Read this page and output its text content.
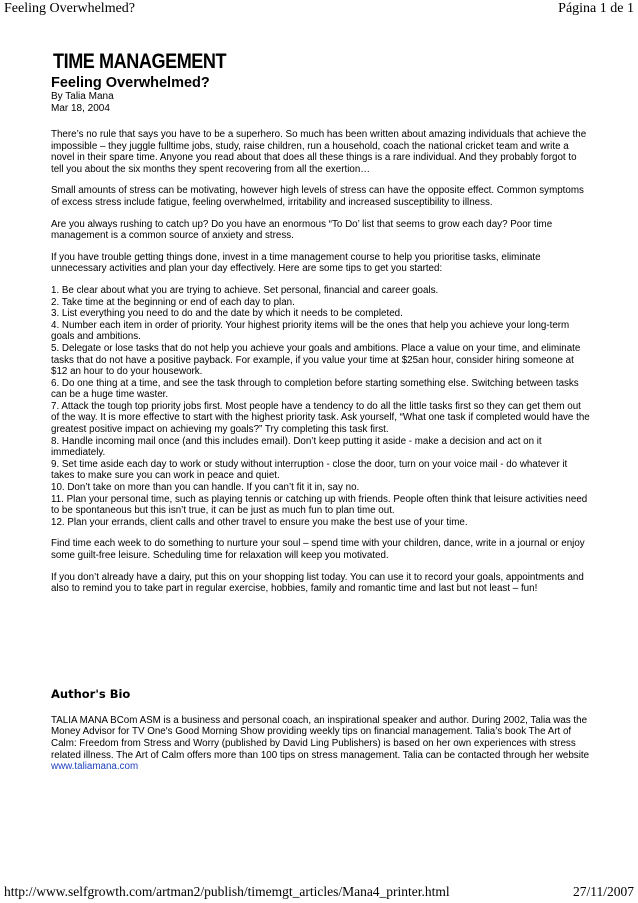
Feeling Overwhelmed?	Página 1 de 1
TIME MANAGEMENT
Feeling Overwhelmed?
By Talia Mana
Mar 18, 2004

There’s no rule that says you have to be a superhero. So much has been written about amazing individuals that achieve the impossible – they juggle fulltime jobs, study, raise children, run a household, coach the national cricket team and write a novel in their spare time. Anyone you read about that does all these things is a rare individual. And they probably forgot to tell you about the six months they spent recovering from all the exertion…

Small amounts of stress can be motivating, however high levels of stress can have the opposite effect. Common symptoms of excess stress include fatigue, feeling overwhelmed, irritability and increased susceptibility to illness.

Are you always rushing to catch up? Do you have an enormous “To Do’ list that seems to grow each day? Poor time management is a common source of anxiety and stress.

If you have trouble getting things done, invest in a time management course to help you prioritise tasks, eliminate unnecessary activities and plan your day effectively. Here are some tips to get you started:

1. Be clear about what you are trying to achieve. Set personal, financial and career goals.
2. Take time at the beginning or end of each day to plan.
3. List everything you need to do and the date by which it needs to be completed.
4. Number each item in order of priority. Your highest priority items will be the ones that help you achieve your long-term goals and ambitions.
5. Delegate or lose tasks that do not help you achieve your goals and ambitions. Place a value on your time, and eliminate tasks that do not have a positive payback. For example, if you value your time at $25an hour, consider hiring someone at $12 an hour to do your housework.
6. Do one thing at a time, and see the task through to completion before starting something else. Switching between tasks can be a huge time waster.
7. Attack the tough top priority jobs first. Most people have a tendency to do all the little tasks first so they can get them out of the way. It is more effective to start with the highest priority task. Ask yourself, “What one task if completed would have the greatest positive impact on achieving my goals?” Try completing this task first.
8. Handle incoming mail once (and this includes email). Don’t keep putting it aside - make a decision and act on it immediately.
9. Set time aside each day to work or study without interruption - close the door, turn on your voice mail - do whatever it takes to make sure you can work in peace and quiet.
10. Don’t take on more than you can handle. If you can’t fit it in, say no.
11. Plan your personal time, such as playing tennis or catching up with friends. People often think that leisure activities need to be spontaneous but this isn’t true, it can be just as much fun to plan time out.
12. Plan your errands, client calls and other travel to ensure you make the best use of your time.

Find time each week to do something to nurture your soul – spend time with your children, dance, write in a journal or enjoy some guilt-free leisure. Scheduling time for relaxation will keep you motivated.

If you don’t already have a dairy, put this on your shopping list today. You can use it to record your goals, appointments and also to remind you to take part in regular exercise, hobbies, family and romantic time and last but not least – fun!

Author's Bio
TALIA MANA BCom ASM is a business and personal coach, an inspirational speaker and author. During 2002, Talia was the Money Advisor for TV One's Good Morning Show providing weekly tips on financial management. Talia’s book The Art of Calm: Freedom from Stress and Worry (published by David Ling Publishers) is based on her own experiences with stress related illness. The Art of Calm offers more than 100 tips on stress management. Talia can be contacted through her website www.taliamana.com
http://www.selfgrowth.com/artman2/publish/timemgt_articles/Mana4_printer.html	27/11/2007
